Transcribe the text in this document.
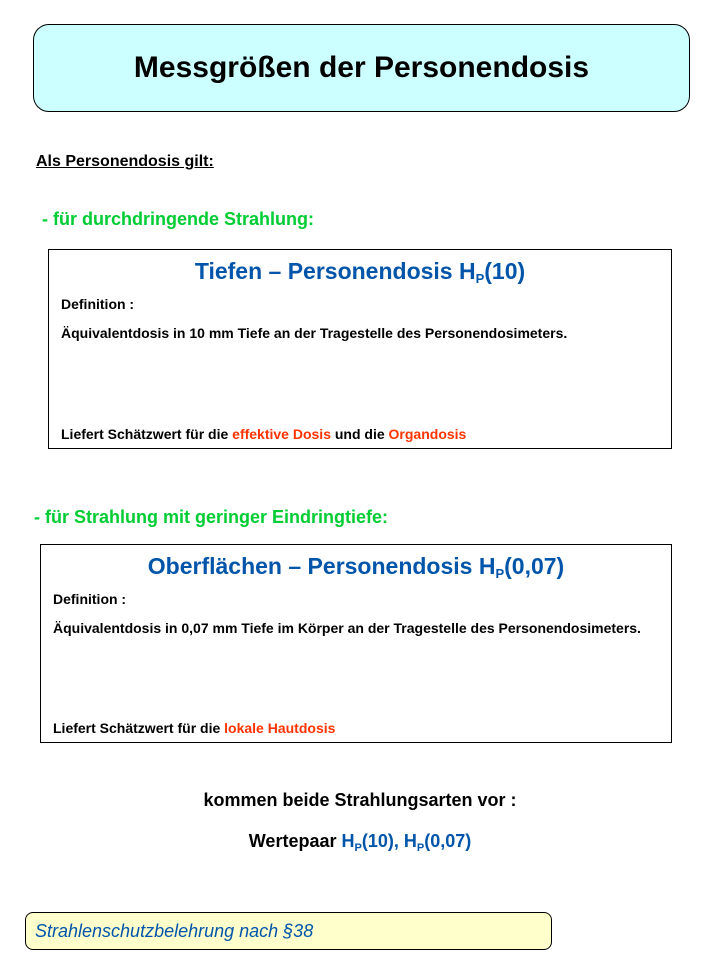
Messgrößen der Personendosis
Als Personendosis gilt:
- für durchdringende Strahlung:
Tiefen – Personendosis $H_P(10)$
Definition :
Äquivalentdosis in 10 mm Tiefe an der Tragestelle des Personendosimeters.
Liefert Schätzwert für die effektive Dosis und die Organdosis
- für Strahlung mit geringer Eindringtiefe:
Oberflächen – Personendosis $H_P(0,07)$
Definition :
Äquivalentdosis in 0,07 mm Tiefe im Körper an der Tragestelle des Personendosimeters.
Liefert Schätzwert für die lokale Hautdosis
kommen beide Strahlungsarten vor :
Wertepaar $H_P(10)$, $H_P(0,07)$
Strahlenschutzbelehrung nach §38
